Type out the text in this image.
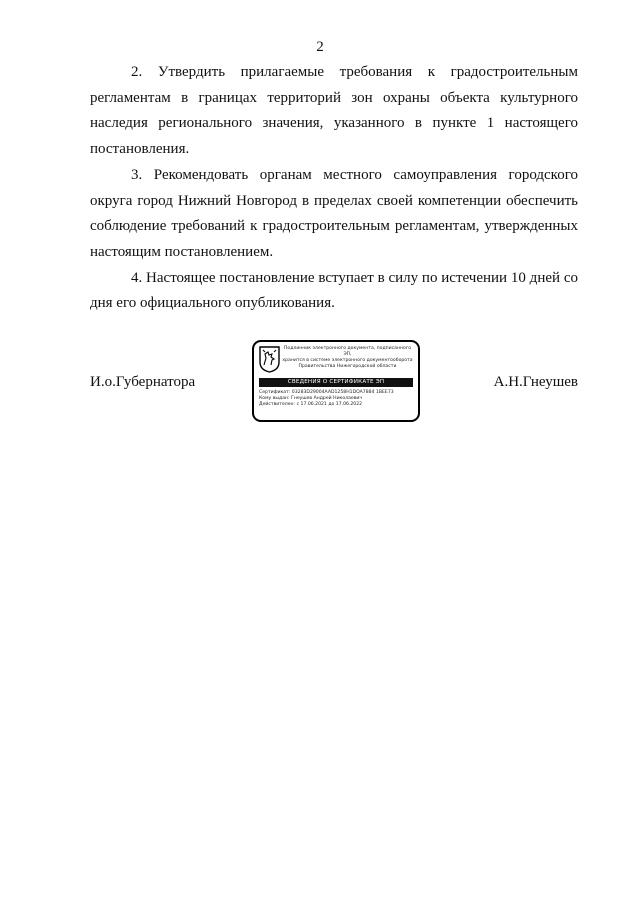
2

2. Утвердить прилагаемые требования к градостроительным регламентам в границах территорий зон охраны объекта культурного наследия регионального значения, указанного в пункте 1 настоящего постановления.

3. Рекомендовать органам местного самоуправления городского округа город Нижний Новгород в пределах своей компетенции обеспечить соблюдение требований к градостроительным регламентам, утвержденных настоящим постановлением.

4. Настоящее постановление вступает в силу по истечении 10 дней со дня его официального опубликования.

И.о.Губернатора
Подлинник электронного документа, подписанного ЭП,
хранится в системе электронного документооборота
Правительства Нижегородской области
СВЕДЕНИЯ О СЕРТИФИКАТЕ ЭП
Сертификат: 03283D29004AAD1258H1DOA7884 1BEE73
Кому выдан: Гнеушев Андрей Николаевич
Действителен: с 17.06.2021 до 17.06.2022
А.Н.Гнеушев
